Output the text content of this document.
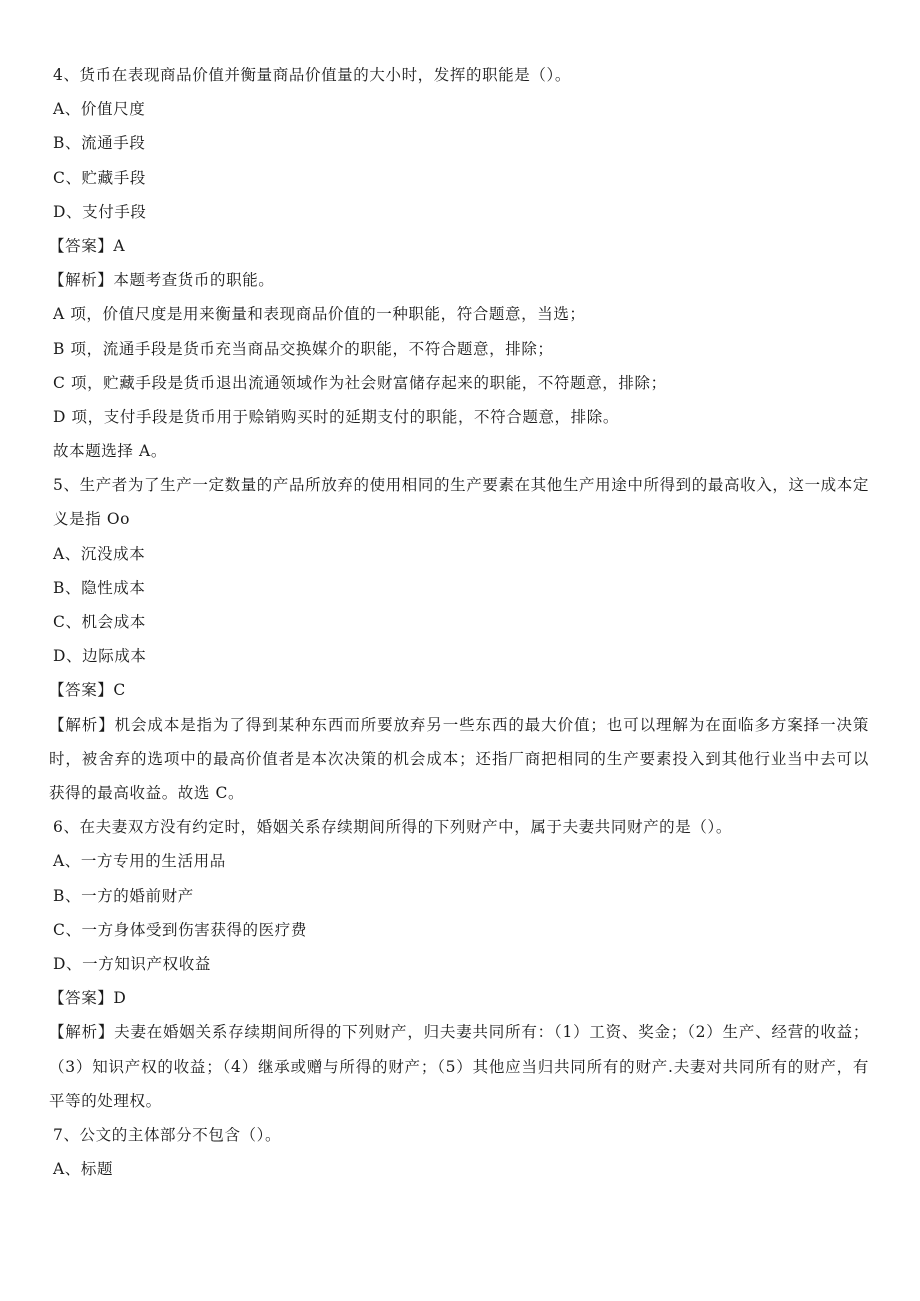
4、货币在表现商品价值并衡量商品价值量的大小时，发挥的职能是（）。
A、价值尺度
B、流通手段
C、贮藏手段
D、支付手段
【答案】A
【解析】本题考查货币的职能。
A 项，价值尺度是用来衡量和表现商品价值的一种职能，符合题意，当选；
B 项，流通手段是货币充当商品交换媒介的职能，不符合题意，排除；
C 项，贮藏手段是货币退出流通领域作为社会财富储存起来的职能，不符题意，排除；
D 项，支付手段是货币用于赊销购买时的延期支付的职能，不符合题意，排除。
故本题选择 A。
5、生产者为了生产一定数量的产品所放弃的使用相同的生产要素在其他生产用途中所得到的最高收入，这一成本定义是指 Oo
A、沉没成本
B、隐性成本
C、机会成本
D、边际成本
【答案】C
【解析】机会成本是指为了得到某种东西而所要放弃另一些东西的最大价值；也可以理解为在面临多方案择一决策时，被舍弃的选项中的最高价值者是本次决策的机会成本；还指厂商把相同的生产要素投入到其他行业当中去可以获得的最高收益。故选 C。
6、在夫妻双方没有约定时，婚姻关系存续期间所得的下列财产中，属于夫妻共同财产的是（）。
A、一方专用的生活用品
B、一方的婚前财产
C、一方身体受到伤害获得的医疗费
D、一方知识产权收益
【答案】D
【解析】夫妻在婚姻关系存续期间所得的下列财产，归夫妻共同所有：（1）工资、奖金；（2）生产、经营的收益；（3）知识产权的收益；（4）继承或赠与所得的财产；（5）其他应当归共同所有的财产.夫妻对共同所有的财产，有平等的处理权。
7、公文的主体部分不包含（）。
A、标题
